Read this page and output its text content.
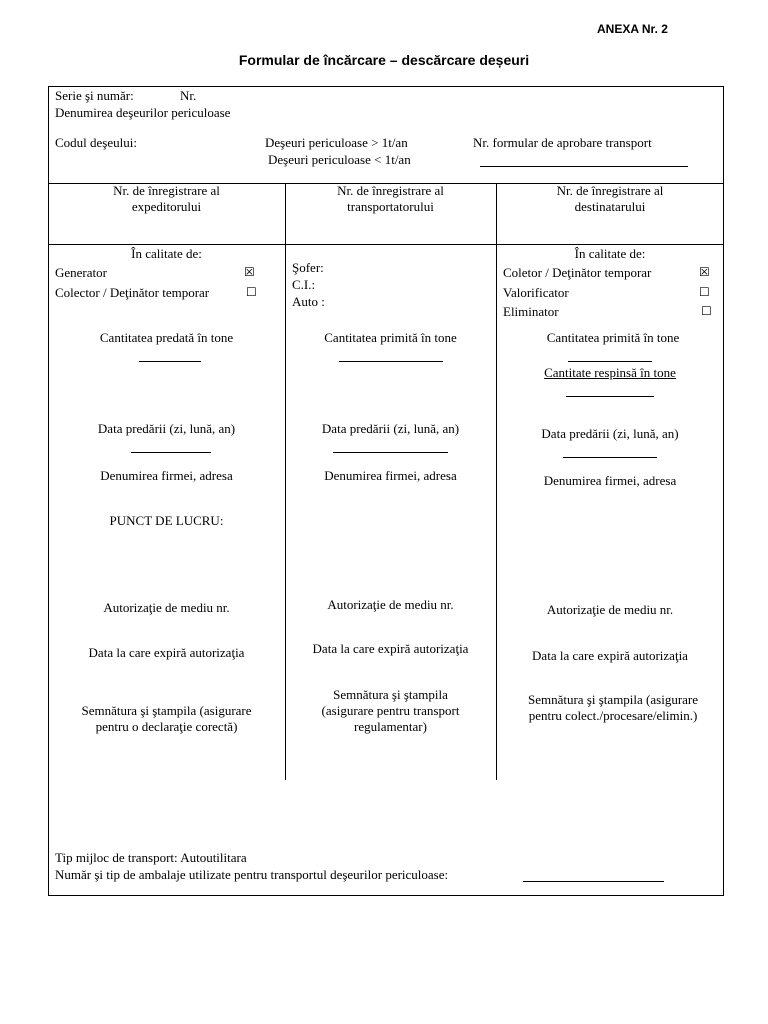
ANEXA Nr. 2
Formular de încărcare – descărcare deșeuri
Serie şi număr:	Nr.
Denumirea deşeurilor periculoase
Codul deşeului:	Deşeuri periculoase > 1t/an
Deşeuri periculoase < 1t/an
Nr. formular de aprobare transport
Nr. de înregistrare al
expeditorului
Nr. de înregistrare al
transportatorului
Nr. de înregistrare al
destinatarului
În calitate de:
Generator	☒
Colector / Deţinător temporar	☐
Cantitatea predată în tone
Data predării (zi, lună, an)
Denumirea firmei, adresa
PUNCT DE LUCRU:
Autorizaţie de mediu nr.
Data la care expiră autorizaţia
Semnătura şi ştampila (asigurare
pentru o declaraţie corectă)
Şofer:
C.I.:
Auto :
Cantitatea primită în tone
Data predării (zi, lună, an)
Denumirea firmei, adresa
Autorizaţie de mediu nr.
Data la care expiră autorizaţia
Semnătura şi ştampila
(asigurare pentru transport
regulamentar)
În calitate de:
Coletor / Deţinător temporar	☒
Valorificator	☐
Eliminator	☐
Cantitatea primită în tone
Cantitate respinsă în tone
Data predării (zi, lună, an)
Denumirea firmei, adresa
Autorizaţie de mediu nr.
Data la care expiră autorizaţia
Semnătura şi ştampila (asigurare
pentru colect./procesare/elimin.)
Tip mijloc de transport: Autoutilitara
Număr şi tip de ambalaje utilizate pentru transportul deşeurilor periculoase:
